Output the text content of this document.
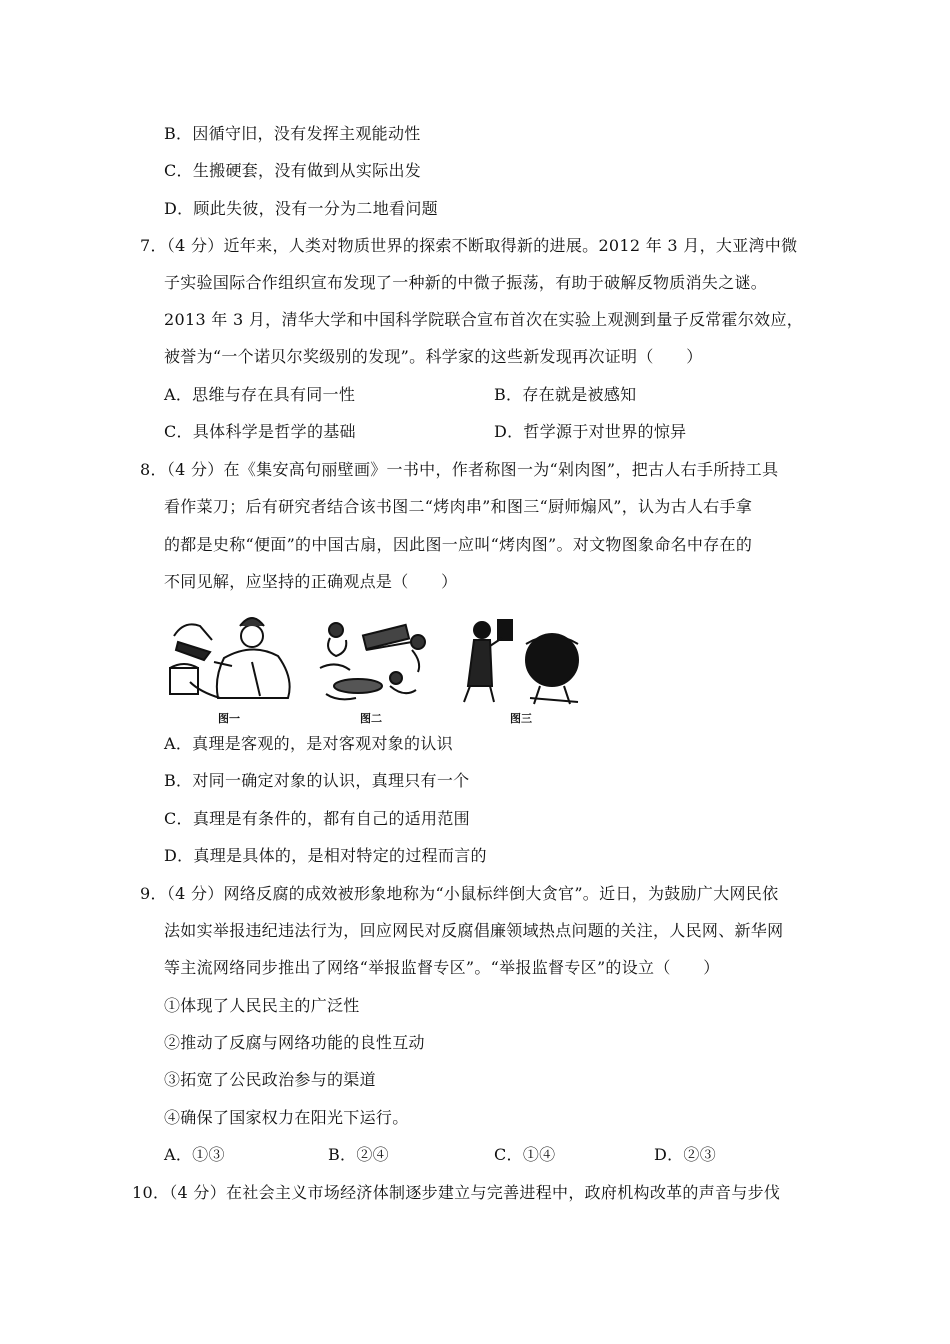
B．因循守旧，没有发挥主观能动性
C．生搬硬套，没有做到从实际出发
D．顾此失彼，没有一分为二地看问题
7．（4 分）近年来，人类对物质世界的探索不断取得新的进展。2012 年 3 月，大亚湾中微
子实验国际合作组织宣布发现了一种新的中微子振荡，有助于破解反物质消失之谜。
2013 年 3 月，清华大学和中国科学院联合宣布首次在实验上观测到量子反常霍尔效应，
被誉为“一个诺贝尔奖级别的发现”。科学家的这些新发现再次证明（　　）
A．思维与存在具有同一性	B．存在就是被感知
C．具体科学是哲学的基础	D．哲学源于对世界的惊异
8．（4 分）在《集安高句丽壁画》一书中，作者称图一为“剁肉图”，把古人右手所持工具
看作菜刀；后有研究者结合该书图二“烤肉串”和图三“厨师煽风”，认为古人右手拿
的都是史称“便面”的中国古扇，因此图一应叫“烤肉图”。对文物图象命名中存在的
不同见解，应坚持的正确观点是（　　）
图一	图二	图三
A．真理是客观的，是对客观对象的认识
B．对同一确定对象的认识，真理只有一个
C．真理是有条件的，都有自己的适用范围
D．真理是具体的，是相对特定的过程而言的
9．（4 分）网络反腐的成效被形象地称为“小鼠标绊倒大贪官”。近日，为鼓励广大网民依
法如实举报违纪违法行为，回应网民对反腐倡廉领域热点问题的关注，人民网、新华网
等主流网络同步推出了网络“举报监督专区”。“举报监督专区”的设立（　　）
①体现了人民民主的广泛性
②推动了反腐与网络功能的良性互动
③拓宽了公民政治参与的渠道
④确保了国家权力在阳光下运行。
A．①③	B．②④	C．①④	D．②③
10．（4 分）在社会主义市场经济体制逐步建立与完善进程中，政府机构改革的声音与步伐
